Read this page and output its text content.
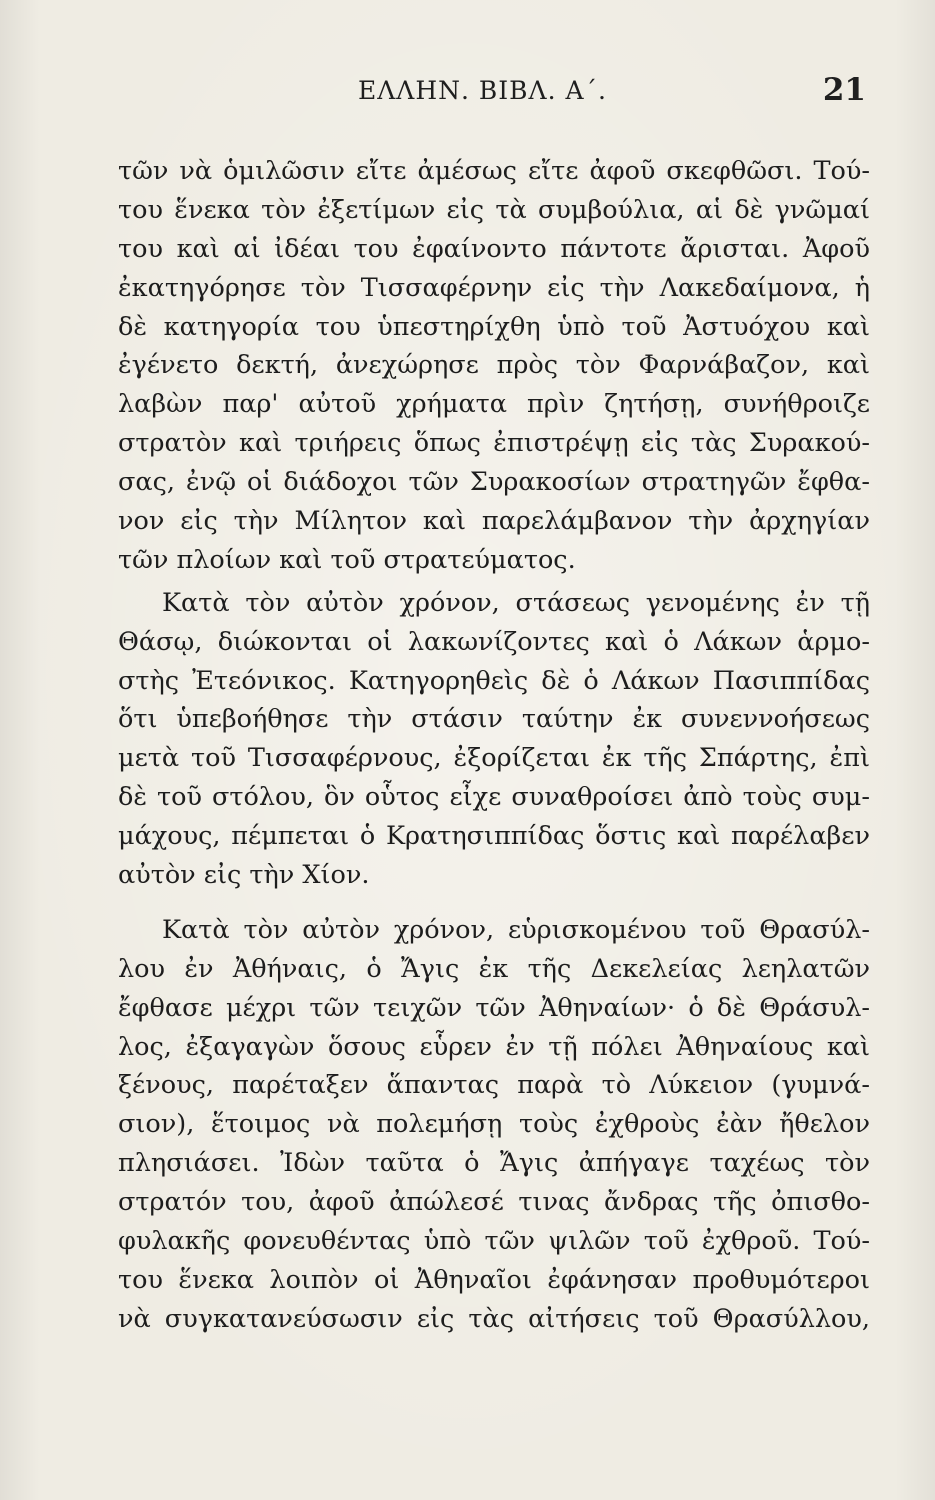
ΕΛΛΗΝ. ΒΙΒΛ. Α΄.	21
τῶν νὰ ὁμιλῶσιν εἴτε ἀμέσως εἴτε ἀφοῦ σκεφθῶσι. Τού-
του ἕνεκα τὸν ἐξετίμων εἰς τὰ συμβούλια, αἱ δὲ γνῶμαί
του καὶ αἱ ἰδέαι του ἐφαίνοντο πάντοτε ἄρισται. Ἀφοῦ
ἐκατηγόρησε τὸν Τισσαφέρνην εἰς τὴν Λακεδαίμονα, ἡ
δὲ κατηγορία του ὑπεστηρίχθη ὑπὸ τοῦ Ἀστυόχου καὶ
ἐγένετο δεκτή, ἀνεχώρησε πρὸς τὸν Φαρνάβαζον, καὶ
λαβὼν παρ' αὐτοῦ χρήματα πρὶν ζητήσῃ, συνήθροιζε
στρατὸν καὶ τριήρεις ὅπως ἐπιστρέψῃ εἰς τὰς Συρακού-
σας, ἐνῷ οἱ διάδοχοι τῶν Συρακοσίων στρατηγῶν ἔφθα-
νον εἰς τὴν Μίλητον καὶ παρελάμβανον τὴν ἀρχηγίαν
τῶν πλοίων καὶ τοῦ στρατεύματος.
Κατὰ τὸν αὐτὸν χρόνον, στάσεως γενομένης ἐν τῇ
Θάσῳ, διώκονται οἱ λακωνίζοντες καὶ ὁ Λάκων ἁρμο-
στὴς Ἐτεόνικος. Κατηγορηθεὶς δὲ ὁ Λάκων Πασιππίδας
ὅτι ὑπεβοήθησε τὴν στάσιν ταύτην ἐκ συνεννοήσεως
μετὰ τοῦ Τισσαφέρνους, ἐξορίζεται ἐκ τῆς Σπάρτης, ἐπὶ
δὲ τοῦ στόλου, ὃν οὗτος εἶχε συναθροίσει ἀπὸ τοὺς συμ-
μάχους, πέμπεται ὁ Κρατησιππίδας ὅστις καὶ παρέλαβεν
αὐτὸν εἰς τὴν Χίον.
Κατὰ τὸν αὐτὸν χρόνον, εὑρισκομένου τοῦ Θρασύλ-
λου ἐν Ἀθήναις, ὁ Ἄγις ἐκ τῆς Δεκελείας λεηλατῶν
ἔφθασε μέχρι τῶν τειχῶν τῶν Ἀθηναίων· ὁ δὲ Θράσυλ-
λος, ἐξαγαγὼν ὅσους εὗρεν ἐν τῇ πόλει Ἀθηναίους καὶ
ξένους, παρέταξεν ἅπαντας παρὰ τὸ Λύκειον (γυμνά-
σιον), ἕτοιμος νὰ πολεμήσῃ τοὺς ἐχθροὺς ἐὰν ἤθελον
πλησιάσει. Ἰδὼν ταῦτα ὁ Ἄγις ἀπήγαγε ταχέως τὸν
στρατόν του, ἀφοῦ ἀπώλεσέ τινας ἄνδρας τῆς ὀπισθο-
φυλακῆς φονευθέντας ὑπὸ τῶν ψιλῶν τοῦ ἐχθροῦ. Τού-
του ἕνεκα λοιπὸν οἱ Ἀθηναῖοι ἐφάνησαν προθυμότεροι
νὰ συγκατανεύσωσιν εἰς τὰς αἰτήσεις τοῦ Θρασύλλου,
